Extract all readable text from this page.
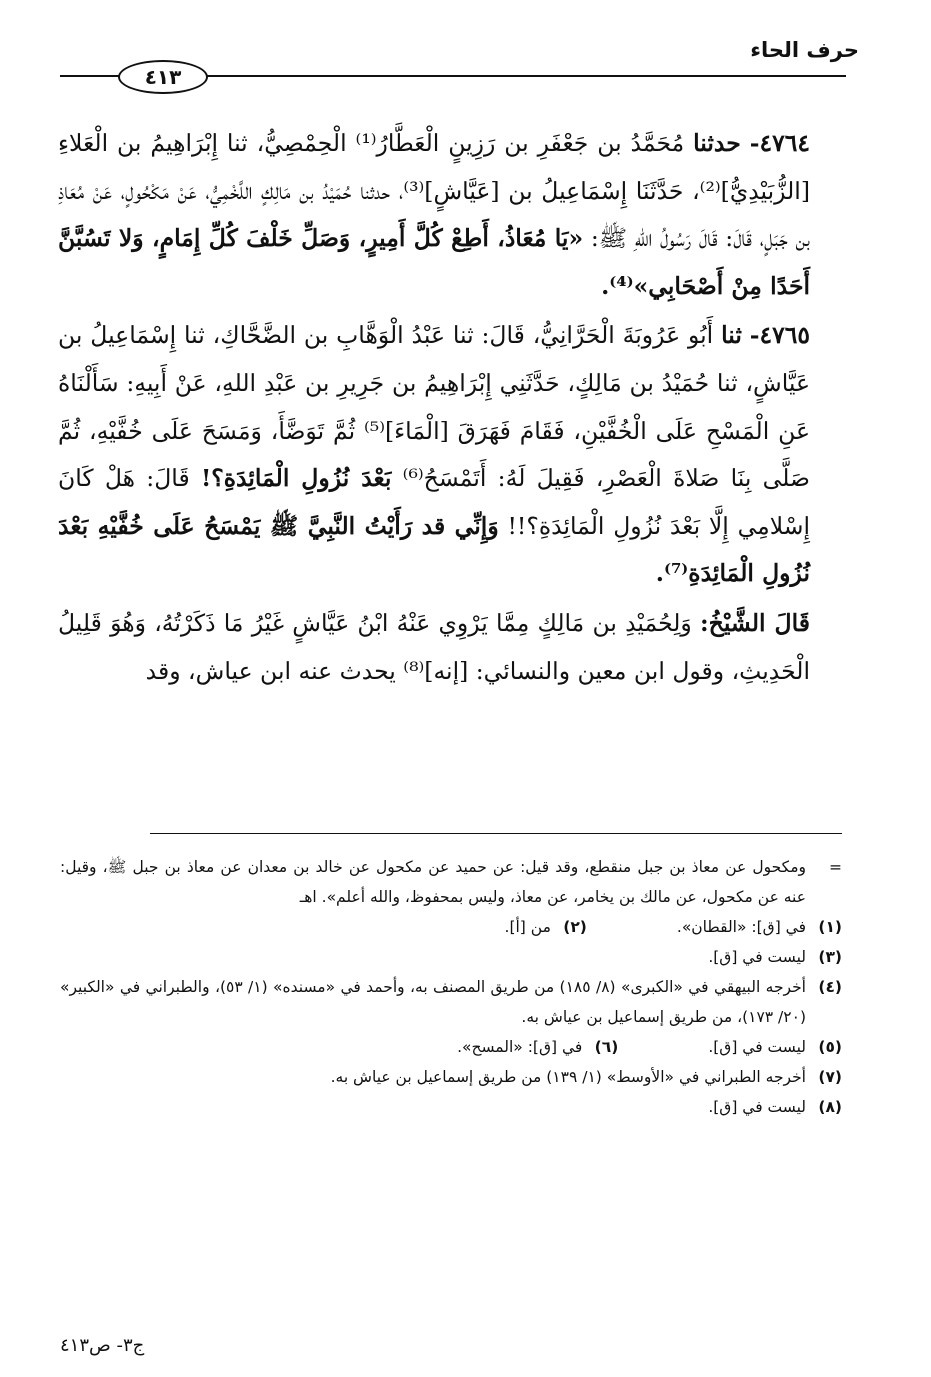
حرف الحاء
٤١٣

٤٧٦٤- حدثنا مُحَمَّدُ بن جَعْفَرِ بن رَزِينٍ الْعَطَّارُ⁽¹⁾ الْحِمْصِيُّ، ثنا إِبْرَاهِيمُ بن الْعَلاءِ [الزُّبَيْدِيُّ]⁽²⁾، حَدَّثَنَا إِسْمَاعِيلُ بن [عَيَّاشٍ]⁽³⁾، حدثنا حُمَيْدُ بن مَالِكٍ اللَّخْمِيُّ، عَنْ مَكْحُولٍ، عَنْ مُعَاذِ بن جَبَلٍ، قَالَ: قَالَ رَسُولُ اللهِ ﷺ: «يَا مُعَاذُ، أَطِعْ كُلَّ أَمِيرٍ، وَصَلِّ خَلْفَ كُلِّ إِمَامٍ، وَلا تَسُبَّنَّ أَحَدًا مِنْ أَصْحَابِي»⁽⁴⁾.

٤٧٦٥- ثنا أَبُو عَرُوبَةَ الْحَرَّانِيُّ، قَالَ: ثنا عَبْدُ الْوَهَّابِ بن الضَّحَّاكِ، ثنا إِسْمَاعِيلُ بن عَيَّاشٍ، ثنا حُمَيْدُ بن مَالِكٍ، حَدَّثَنِي إِبْرَاهِيمُ بن جَرِيرِ بن عَبْدِ اللهِ، عَنْ أَبِيهِ: سَأَلْنَاهُ عَنِ الْمَسْحِ عَلَى الْخُفَّيْنِ، فَقَامَ فَهَرَقَ [الْمَاءَ]⁽⁵⁾ ثُمَّ تَوَضَّأَ، وَمَسَحَ عَلَى خُفَّيْهِ، ثُمَّ صَلَّى بِنَا صَلاةَ الْعَصْرِ، فَقِيلَ لَهُ: أَتَمْسَحُ⁽⁶⁾ بَعْدَ نُزُولِ الْمَائِدَةِ؟! قَالَ: هَلْ كَانَ إِسْلامِي إِلَّا بَعْدَ نُزُولِ الْمَائِدَةِ؟!! وَإِنِّي قد رَأَيْتُ النَّبِيَّ ﷺ يَمْسَحُ عَلَى خُفَّيْهِ بَعْدَ نُزُولِ الْمَائِدَةِ⁽⁷⁾.

قَالَ الشَّيْخُ: وَلِحُمَيْدِ بن مَالِكٍ مِمَّا يَرْوِي عَنْهُ ابْنُ عَيَّاشٍ غَيْرُ مَا ذَكَرْتُهُ، وَهُوَ قَلِيلُ الْحَدِيثِ، وقول ابن معين والنسائي: [إنه]⁽⁸⁾ يحدث عنه ابن عياش، وقد

=
ومكحول عن معاذ بن جبل منقطع، وقد قيل: عن حميد عن مكحول عن خالد بن معدان عن معاذ بن جبل ﷺ، وقيل: عنه عن مكحول، عن مالك بن يخامر، عن معاذ، وليس بمحفوظ، والله أعلم». اهـ
(١)
في [ق]: «القطان».
(٢)
من [أ].
(٣)
ليست في [ق].
(٤)
أخرجه البيهقي في «الكبرى» (٨/ ١٨٥) من طريق المصنف به، وأحمد في «مسنده» (١/ ٥٣)، والطبراني في «الكبير» (٢٠/ ١٧٣)، من طريق إسماعيل بن عياش به.
(٥)
ليست في [ق].
(٦)
في [ق]: «المسح».
(٧)
أخرجه الطبراني في «الأوسط» (١/ ١٣٩) من طريق إسماعيل بن عياش به.
(٨)
ليست في [ق].
ج٣- ص٤١٣
